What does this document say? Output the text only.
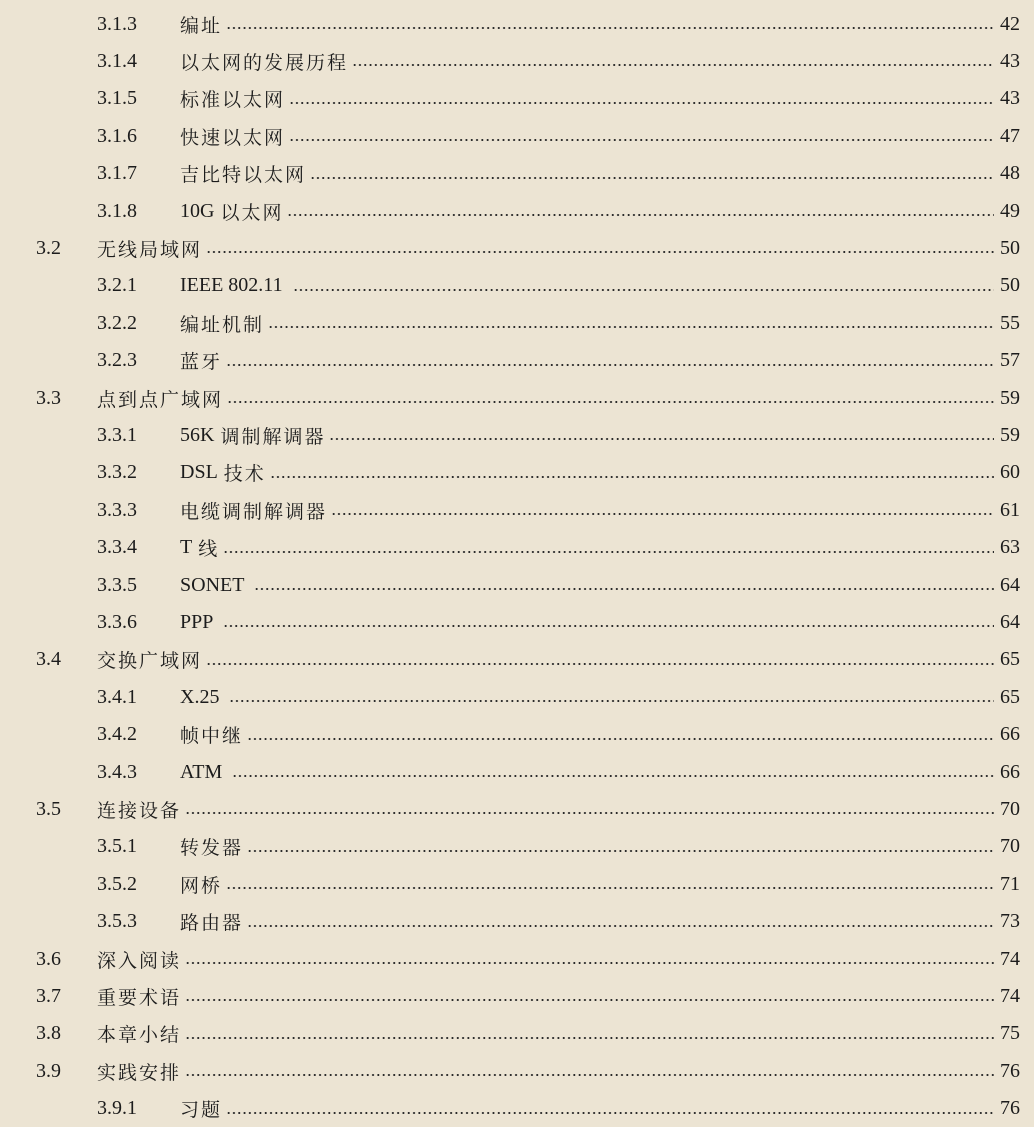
3.1.3 编址	42
3.1.4 以太网的发展历程	43
3.1.5 标准以太网	43
3.1.6 快速以太网	47
3.1.7 吉比特以太网	48
3.1.8 10G 以太网	49
3.2 无线局域网	50
3.2.1 IEEE 802.11	50
3.2.2 编址机制	55
3.2.3 蓝牙	57
3.3 点到点广域网	59
3.3.1 56K 调制解调器	59
3.3.2 DSL 技术	60
3.3.3 电缆调制解调器	61
3.3.4 T 线	63
3.3.5 SONET	64
3.3.6 PPP	64
3.4 交换广域网	65
3.4.1 X.25	65
3.4.2 帧中继	66
3.4.3 ATM	66
3.5 连接设备	70
3.5.1 转发器	70
3.5.2 网桥	71
3.5.3 路由器	73
3.6 深入阅读	74
3.7 重要术语	74
3.8 本章小结	75
3.9 实践安排	76
3.9.1 习题	76
